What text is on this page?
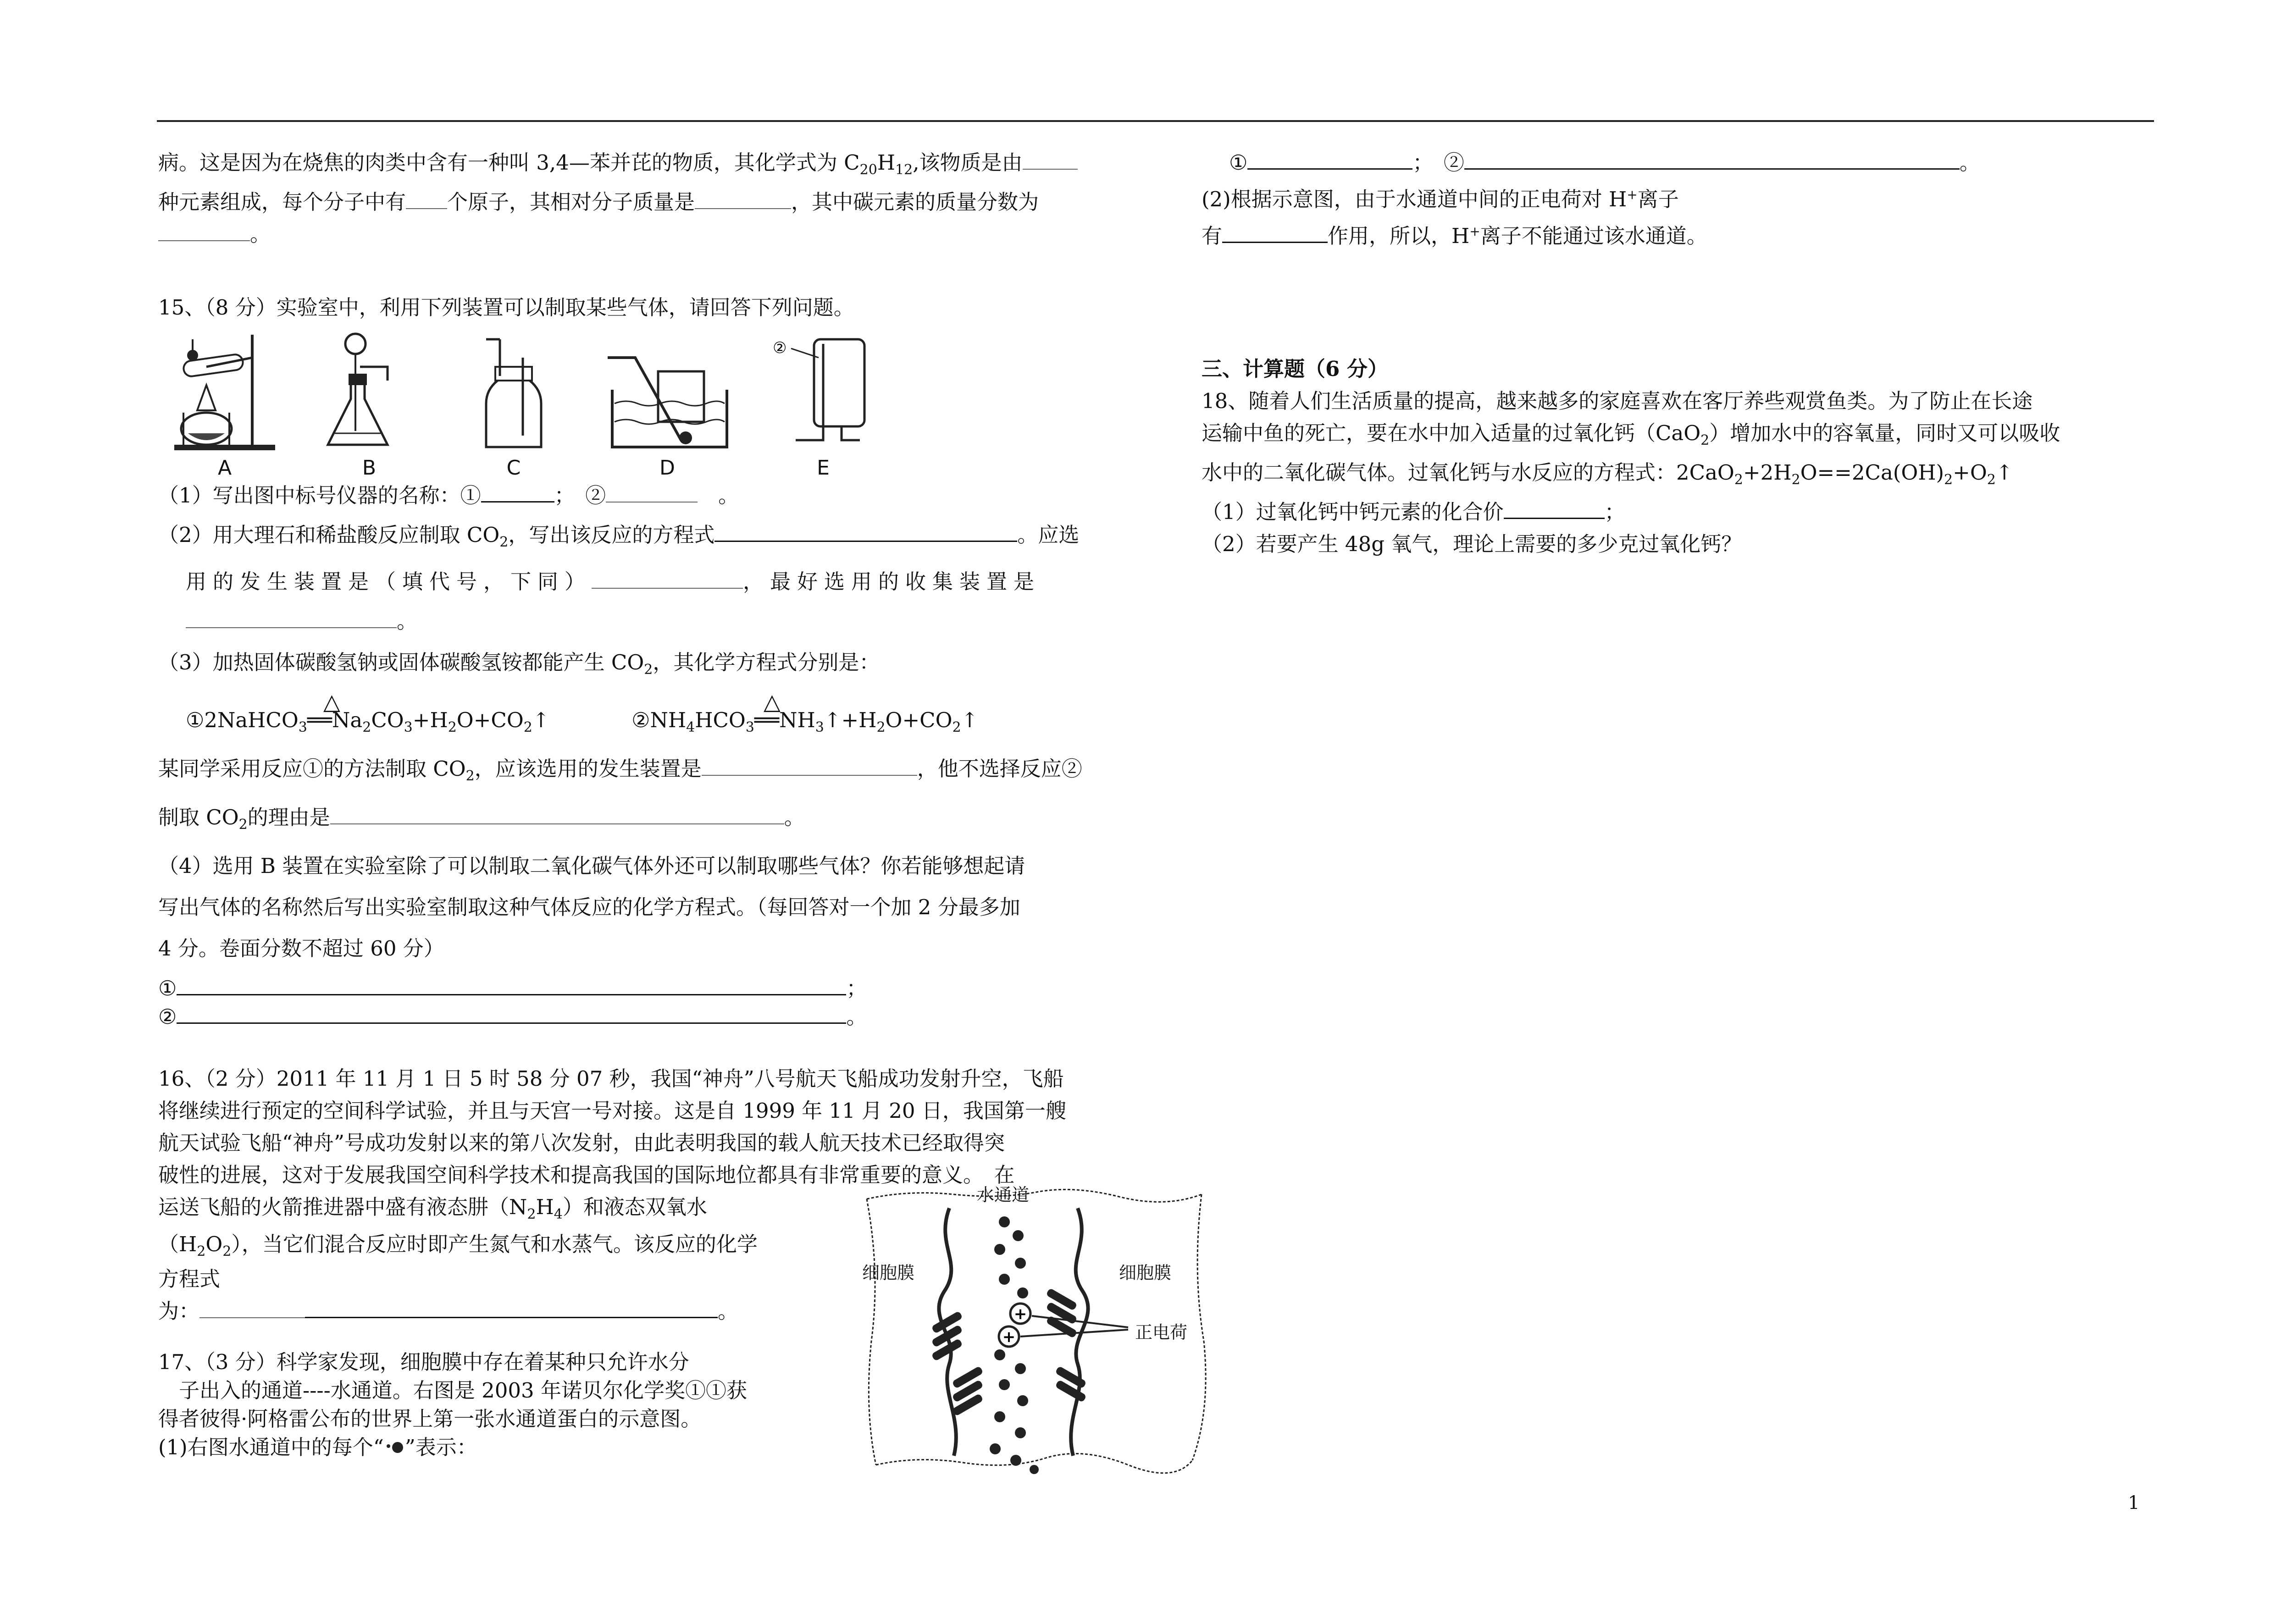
病。这是因为在烧焦的肉类中含有一种叫 3,4—苯并芘的物质，其化学式为 $C_{20}H_{12}$,该物质是由

种元素组成，每个分子中有 个原子，其相对分子质量是	，其中碳元素的质量分数为

。

15、（8 分）实验室中，利用下列装置可以制取某些气体，请回答下列问题。

A	B	C	D
②
E

（1）写出图中标号仪器的名称：①	；　②　	。

（2）用大理石和稀盐酸反应制取 $CO_2$，写出该反应的方程式	。应选

用的发生装置是（填代号，下同）	，最好选用的收集装置是

。

（3）加热固体碳酸氢钠或固体碳酸氢铵都能产生 $CO_2$，其化学方程式分别是：

△
$①2NaHCO_3══Na_2CO_3+H_2O+CO_2↑$
△
$②NH_4HCO_3══NH_3↑+H_2O+CO_2↑$

某同学采用反应①的方法制取 $CO_2$，应该选用的发生装置是	，他不选择反应②

制取 $CO_2$的理由是	。

（4）选用 B 装置在实验室除了可以制取二氧化碳气体外还可以制取哪些气体？你若能够想起请

写出气体的名称然后写出实验室制取这种气体反应的化学方程式。（每回答对一个加 2 分最多加

4 分。卷面分数不超过 60 分）

①	；

②	。

16、（2 分）2011 年 11 月 1 日 5 时 58 分 07 秒，我国“神舟”八号航天飞船成功发射升空，飞船

将继续进行预定的空间科学试验，并且与天宫一号对接。这是自 1999 年 11 月 20 日，我国第一艘

航天试验飞船“神舟”号成功发射以来的第八次发射，由此表明我国的载人航天技术已经取得突

破性的进展，这对于发展我国空间科学技术和提高我国的国际地位都具有非常重要的意义。　在

运送飞船的火箭推进器中盛有液态肼$(N_2H_4)$和液态双氧水

$(H_2O_2)$，当它们混合反应时即产生氮气和水蒸气。该反应的化学

方程式

为：	。

17、（3 分）科学家发现，细胞膜中存在着某种只允许水分

　子出入的通道----水通道。右图是 2003 年诺贝尔化学奖①①获

得者彼得·阿格雷公布的世界上第一张水通道蛋白的示意图。

(1)右图水通道中的每个“ ”表示：

+
+
水通道
细胞膜	细胞膜
正电荷

①	；　②	。

(2)根据示意图，由于水通道中间的正电荷对 H+离子

有	作用，所以，H+离子不能通过该水通道。

三、计算题（6 分）

18、随着人们生活质量的提高，越来越多的家庭喜欢在客厅养些观赏鱼类。为了防止在长途

运输中鱼的死亡，要在水中加入适量的过氧化钙（CaO$_2$）增加水中的容氧量，同时又可以吸收

水中的二氧化碳气体。过氧化钙与水反应的方程式：$2CaO_2+2H_2O==2Ca(OH)_2+O_2↑$

（1）过氧化钙中钙元素的化合价	；

（2）若要产生 48g 氧气，理论上需要的多少克过氧化钙？

1
